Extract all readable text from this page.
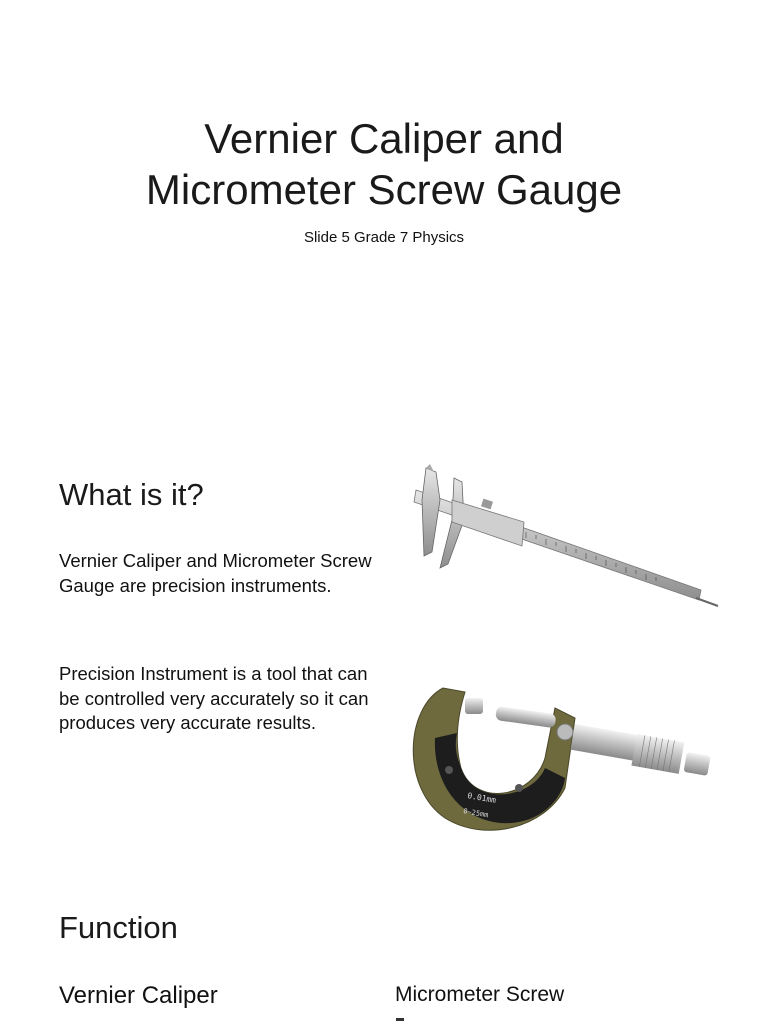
Vernier Caliper and
Micrometer Screw Gauge
Slide 5 Grade 7 Physics
What is it?
Vernier Caliper and Micrometer Screw Gauge are precision instruments.
Precision Instrument is a tool that can be controlled very accurately so it can produces very accurate results.
0.01mm
0~25mm
Function
Vernier Caliper	Micrometer Screw
